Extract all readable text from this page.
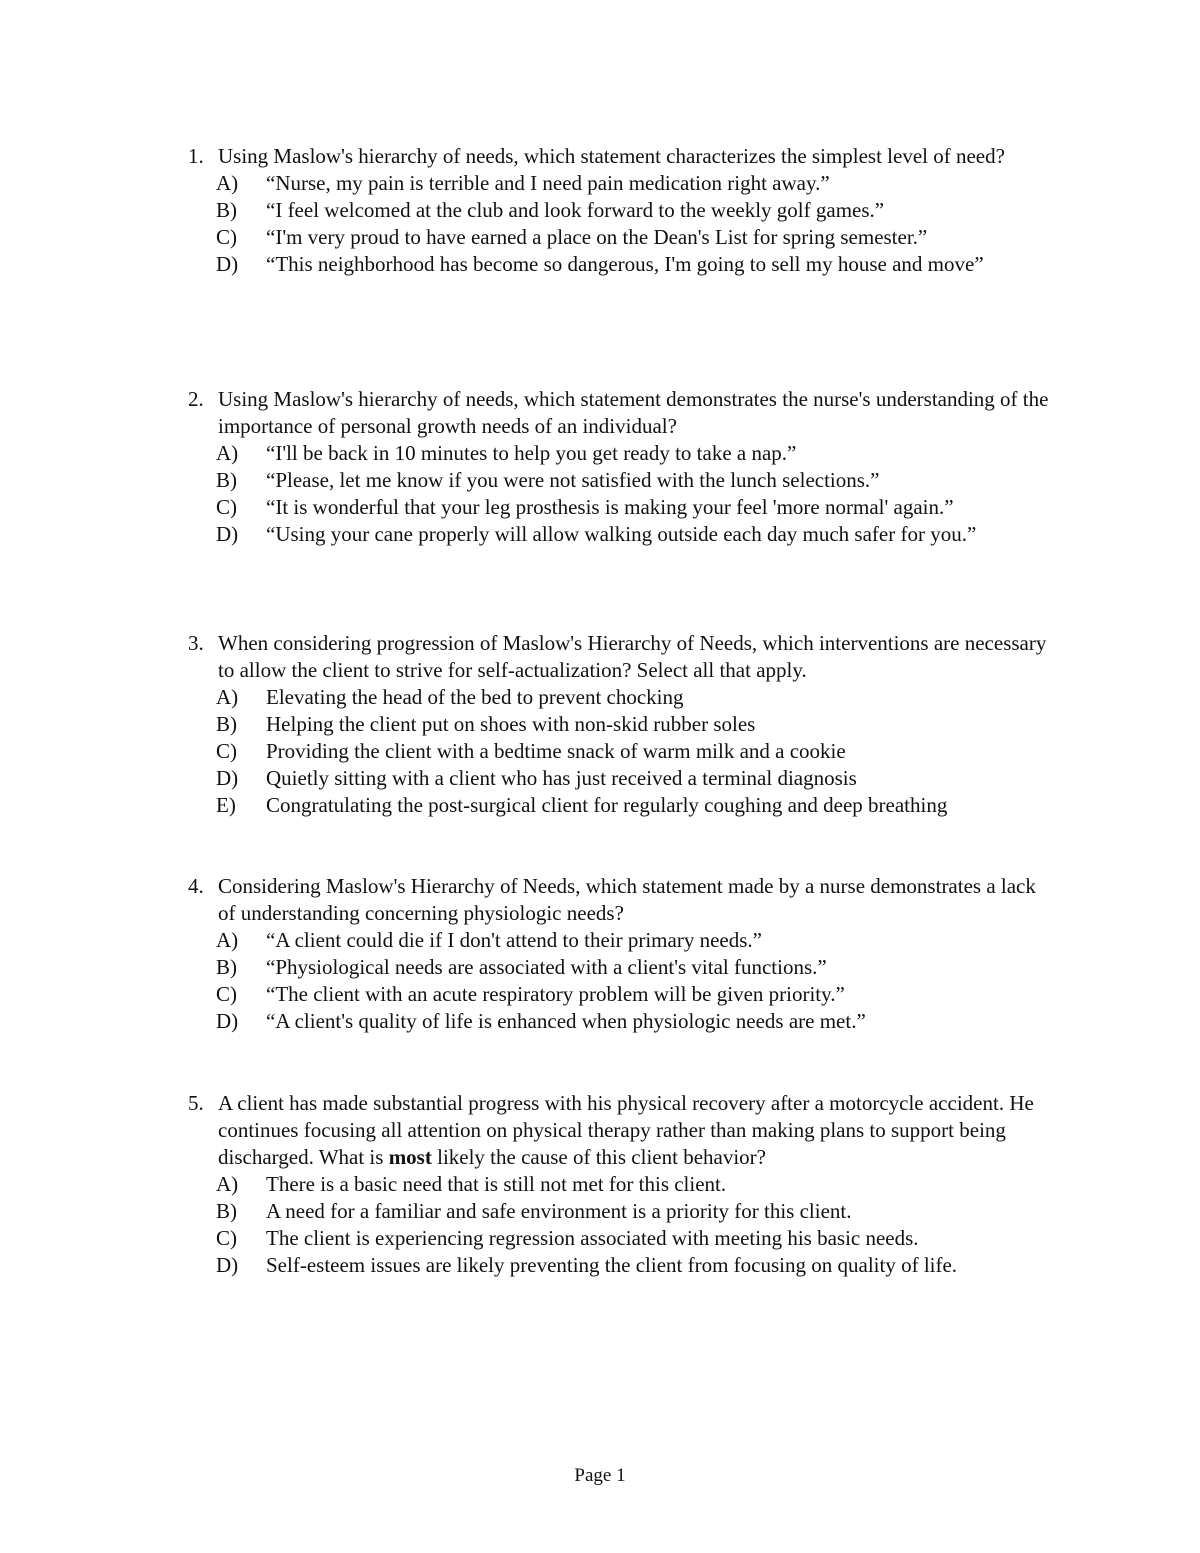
1. Using Maslow's hierarchy of needs, which statement characterizes the simplest level of need?
A)	“Nurse, my pain is terrible and I need pain medication right away.”
B)	“I feel welcomed at the club and look forward to the weekly golf games.”
C)	“I'm very proud to have earned a place on the Dean's List for spring semester.”
D)	“This neighborhood has become so dangerous, I'm going to sell my house and move”
2. Using Maslow's hierarchy of needs, which statement demonstrates the nurse's understanding of the importance of personal growth needs of an individual?
A)	“I'll be back in 10 minutes to help you get ready to take a nap.”
B)	“Please, let me know if you were not satisfied with the lunch selections.”
C)	“It is wonderful that your leg prosthesis is making your feel 'more normal' again.”
D)	“Using your cane properly will allow walking outside each day much safer for you.”
3. When considering progression of Maslow's Hierarchy of Needs, which interventions are necessary to allow the client to strive for self-actualization? Select all that apply.
A)	Elevating the head of the bed to prevent chocking
B)	Helping the client put on shoes with non-skid rubber soles
C)	Providing the client with a bedtime snack of warm milk and a cookie
D)	Quietly sitting with a client who has just received a terminal diagnosis
E)	Congratulating the post-surgical client for regularly coughing and deep breathing
4. Considering Maslow's Hierarchy of Needs, which statement made by a nurse demonstrates a lack of understanding concerning physiologic needs?
A)	“A client could die if I don't attend to their primary needs.”
B)	“Physiological needs are associated with a client's vital functions.”
C)	“The client with an acute respiratory problem will be given priority.”
D)	“A client's quality of life is enhanced when physiologic needs are met.”
5. A client has made substantial progress with his physical recovery after a motorcycle accident. He continues focusing all attention on physical therapy rather than making plans to support being discharged. What is most likely the cause of this client behavior?
A)	There is a basic need that is still not met for this client.
B)	A need for a familiar and safe environment is a priority for this client.
C)	The client is experiencing regression associated with meeting his basic needs.
D)	Self-esteem issues are likely preventing the client from focusing on quality of life.
Page 1
